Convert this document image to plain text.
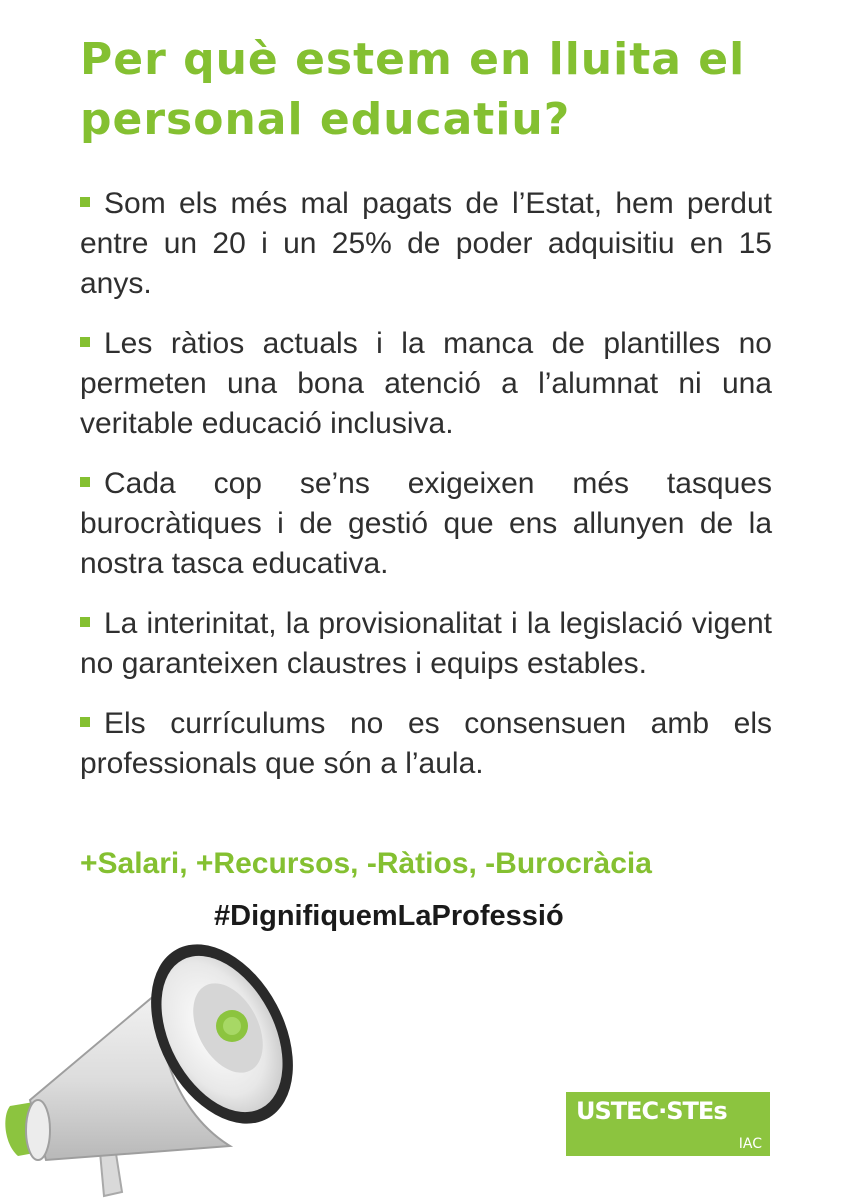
Per què estem en lluita el personal educatiu?
Som els més mal pagats de l’Estat, hem perdut entre un 20 i un 25% de poder adquisitiu en 15 anys.
Les ràtios actuals i la manca de plantilles no permeten una bona atenció a l’alumnat ni una veritable educació inclusiva.
Cada cop se’ns exigeixen més tasques burocràtiques i de gestió que ens allunyen de la nostra tasca educativa.
La interinitat, la provisionalitat i la legislació vigent no garanteixen claustres i equips estables.
Els currículums no es consensuen amb els professionals que són a l’aula.

+Salari, +Recursos, -Ràtios, -Burocràcia

#DignifiquemLaProfessió

USTEC·STEs
IAC
